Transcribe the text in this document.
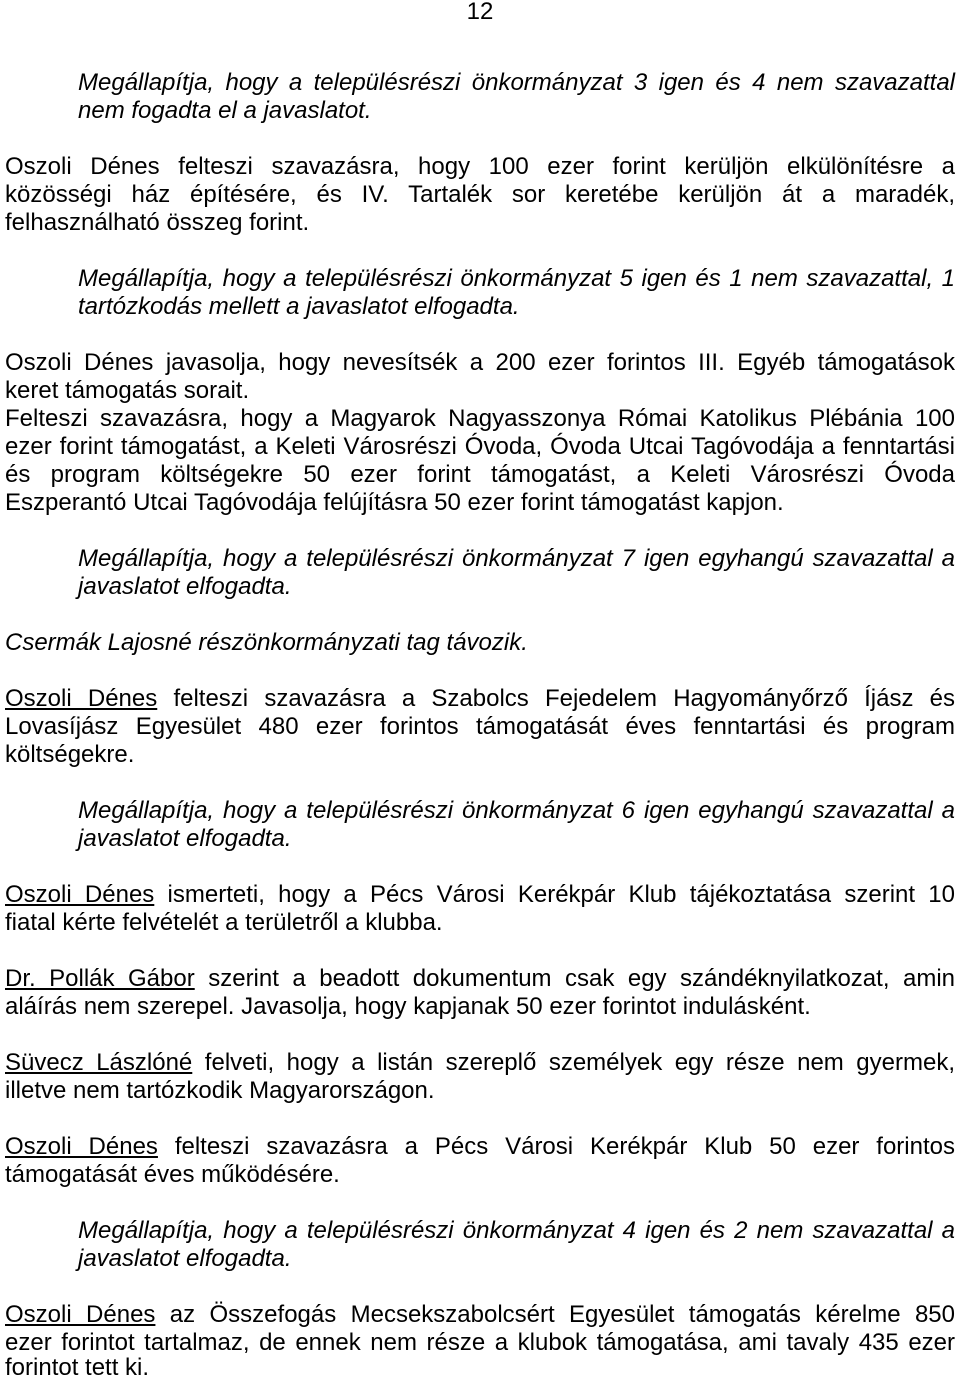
12
Megállapítja, hogy a településrészi önkormányzat 3 igen és 4 nem szavazattal
nem fogadta el a javaslatot.
Oszoli Dénes felteszi szavazásra, hogy 100 ezer forint kerüljön elkülönítésre a
közösségi ház építésére, és IV. Tartalék sor keretébe kerüljön át a maradék,
felhasználható összeg forint.
Megállapítja, hogy a településrészi önkormányzat 5 igen és 1 nem szavazattal, 1
tartózkodás mellett a javaslatot elfogadta.
Oszoli Dénes javasolja, hogy nevesítsék a 200 ezer forintos III. Egyéb támogatások
keret támogatás sorait.
Felteszi szavazásra, hogy a Magyarok Nagyasszonya Római Katolikus Plébánia 100
ezer forint támogatást, a Keleti Városrészi Óvoda, Óvoda Utcai Tagóvodája a fenntartási
és program költségekre 50 ezer forint támogatást, a Keleti Városrészi Óvoda
Eszperantó Utcai Tagóvodája felújításra 50 ezer forint támogatást kapjon.
Megállapítja, hogy a településrészi önkormányzat 7 igen egyhangú szavazattal a
javaslatot elfogadta.
Csermák Lajosné részönkormányzati tag távozik.
Oszoli Dénes felteszi szavazásra a Szabolcs Fejedelem Hagyományőrző Íjász és
Lovasíjász Egyesület 480 ezer forintos támogatását éves fenntartási és program
költségekre.
Megállapítja, hogy a településrészi önkormányzat 6 igen egyhangú szavazattal a
javaslatot elfogadta.
Oszoli Dénes ismerteti, hogy a Pécs Városi Kerékpár Klub tájékoztatása szerint 10
fiatal kérte felvételét a területről a klubba.
Dr. Pollák Gábor szerint a beadott dokumentum csak egy szándéknyilatkozat, amin
aláírás nem szerepel. Javasolja, hogy kapjanak 50 ezer forintot indulásként.
Süvecz Lászlóné felveti, hogy a listán szereplő személyek egy része nem gyermek,
illetve nem tartózkodik Magyarországon.
Oszoli Dénes felteszi szavazásra a Pécs Városi Kerékpár Klub 50 ezer forintos
támogatását éves működésére.
Megállapítja, hogy a településrészi önkormányzat 4 igen és 2 nem szavazattal a
javaslatot elfogadta.
Oszoli Dénes az Összefogás Mecsekszabolcsért Egyesület támogatás kérelme 850
ezer forintot tartalmaz, de ennek nem része a klubok támogatása, ami tavaly 435 ezer
forintot tett ki.
